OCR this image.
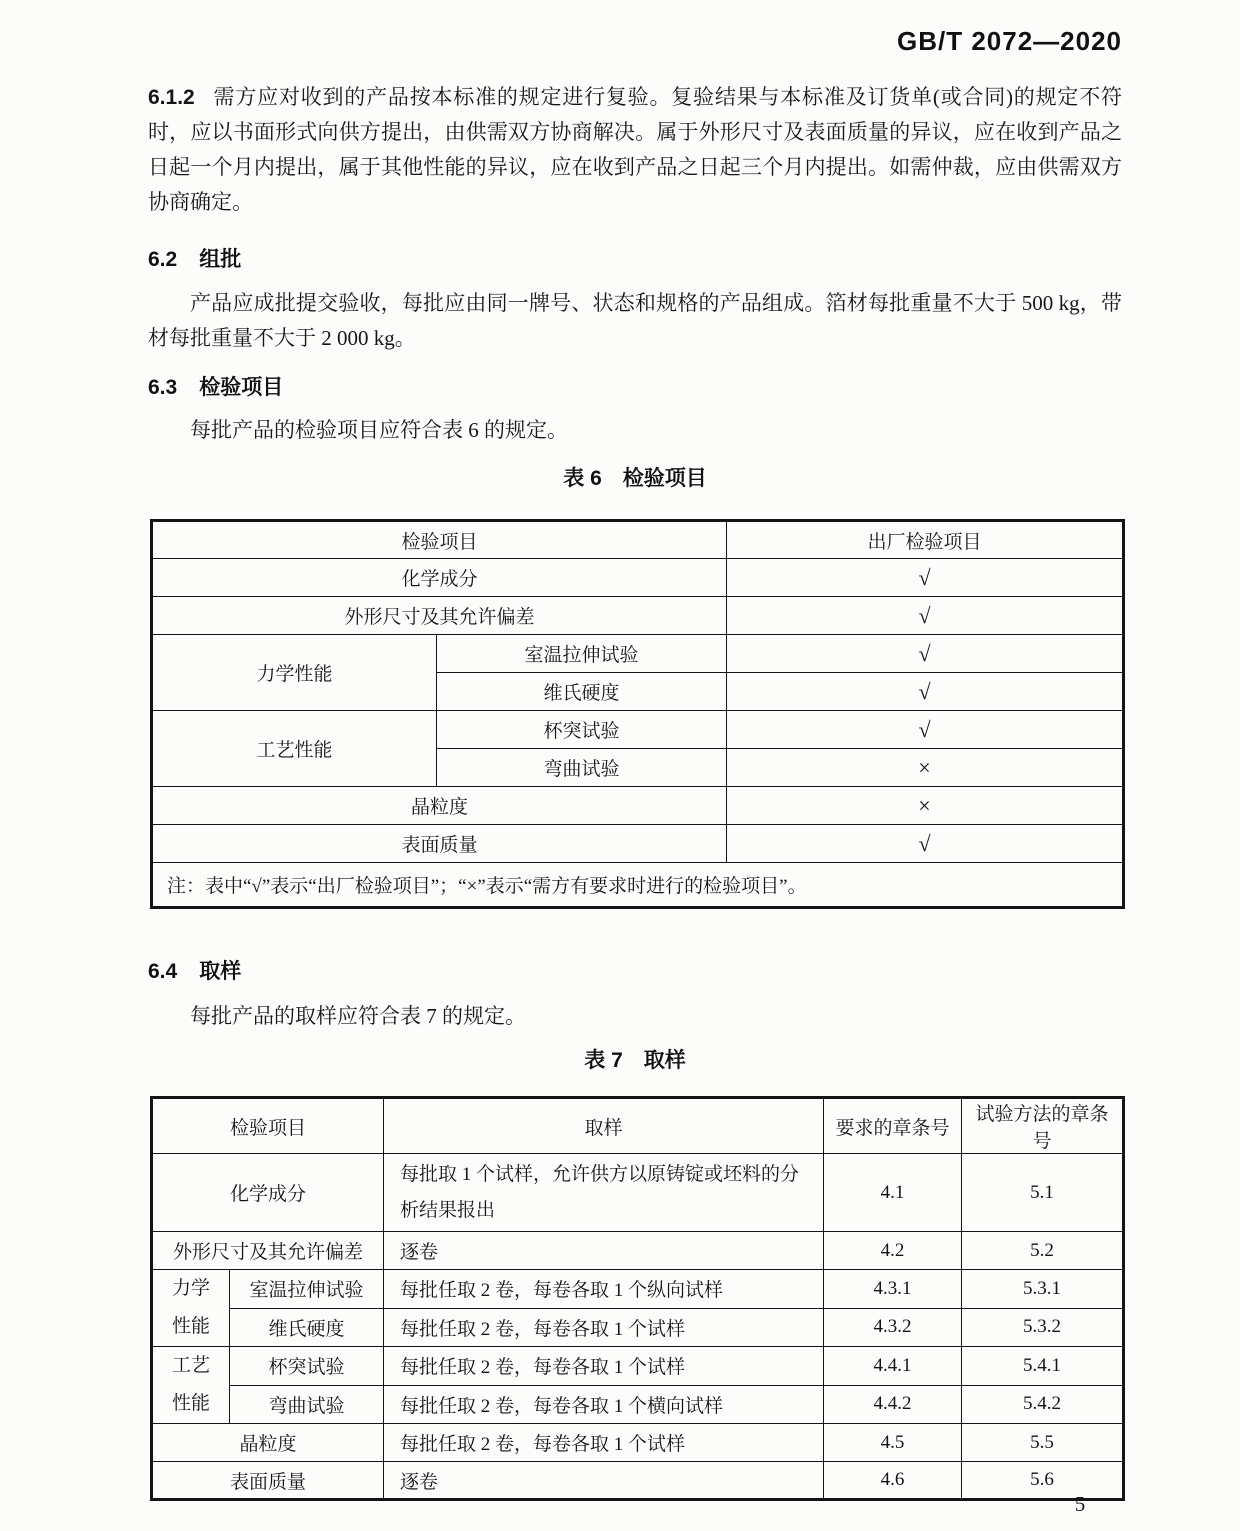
GB/T 2072—2020

6.1.2 需方应对收到的产品按本标准的规定进行复验。复验结果与本标准及订货单(或合同)的规定不符时，应以书面形式向供方提出，由供需双方协商解决。属于外形尺寸及表面质量的异议，应在收到产品之日起一个月内提出，属于其他性能的异议，应在收到产品之日起三个月内提出。如需仲裁，应由供需双方协商确定。

6.2 组批

产品应成批提交验收，每批应由同一牌号、状态和规格的产品组成。箔材每批重量不大于 500 kg，带材每批重量不大于 2 000 kg。

6.3 检验项目

每批产品的检验项目应符合表 6 的规定。

表 6　检验项目

检验项目		出厂检验项目
化学成分		√
外形尺寸及其允许偏差		√
力学性能	室温拉伸试验	√
	维氏硬度	√
工艺性能	杯突试验	√
	弯曲试验	×
晶粒度		×
表面质量		√
注：表中“√”表示“出厂检验项目”；“×”表示“需方有要求时进行的检验项目”。		
6.4 取样

每批产品的取样应符合表 7 的规定。

表 7　取样

检验项目		取样	要求的章条号	试验方法的章条号
化学成分		每批取 1 个试样，允许供方以原铸锭或坯料的分析结果报出	4.1	5.1
外形尺寸及其允许偏差		逐卷	4.2	5.2
力学性能	室温拉伸试验	每批任取 2 卷，每卷各取 1 个纵向试样	4.3.1	5.3.1
	维氏硬度	每批任取 2 卷，每卷各取 1 个试样	4.3.2	5.3.2
工艺性能	杯突试验	每批任取 2 卷，每卷各取 1 个试样	4.4.1	5.4.1
	弯曲试验	每批任取 2 卷，每卷各取 1 个横向试样	4.4.2	5.4.2
晶粒度		每批任取 2 卷，每卷各取 1 个试样	4.5	5.5
表面质量		逐卷	4.6	5.6
5
